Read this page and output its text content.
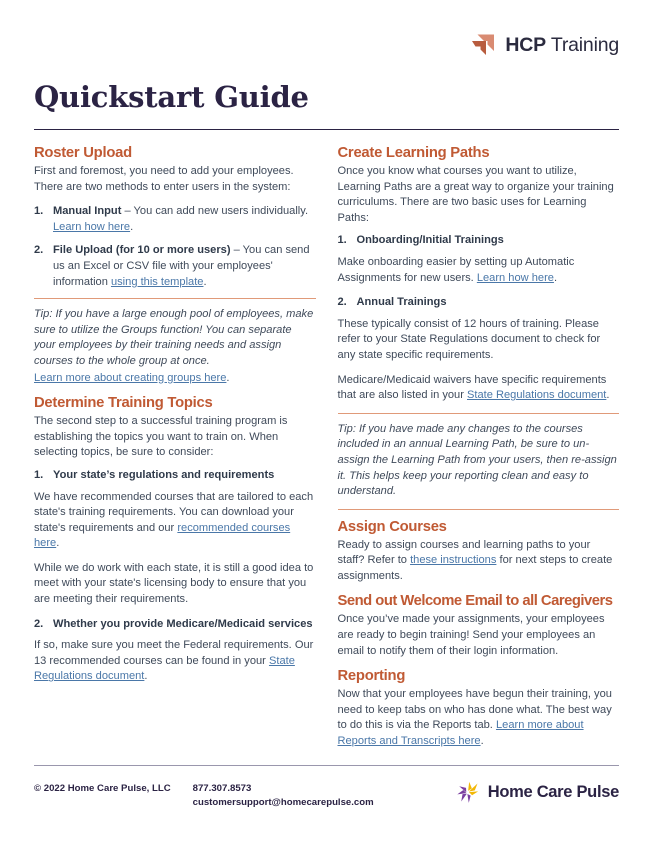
HCP Training
Quickstart Guide
Roster Upload

First and foremost, you need to add your employees. There are two methods to enter users in the system:

1. Manual Input – You can add new users individually. Learn how here.
2. File Upload (for 10 or more users) – You can send us an Excel or CSV file with your employees' information using this template.

Tip: If you have a large enough pool of employees, make sure to utilize the Groups function! You can separate your employees by their training needs and assign courses to the whole group at once.

Learn more about creating groups here.

Determine Training Topics

The second step to a successful training program is establishing the topics you want to train on. When selecting topics, be sure to consider:

1. Your state’s regulations and requirements

We have recommended courses that are tailored to each state's training requirements. You can download your state's requirements and our recommended courses here.

While we do work with each state, it is still a good idea to meet with your state's licensing body to ensure that you are meeting their requirements.

2. Whether you provide Medicare/Medicaid services

If so, make sure you meet the Federal requirements. Our 13 recommended courses can be found in your State Regulations document.

Create Learning Paths

Once you know what courses you want to utilize, Learning Paths are a great way to organize your training curriculums. There are two basic uses for Learning Paths:

1. Onboarding/Initial Trainings

Make onboarding easier by setting up Automatic Assignments for new users. Learn how here.

2. Annual Trainings

These typically consist of 12 hours of training. Please refer to your State Regulations document to check for any state specific requirements.

Medicare/Medicaid waivers have specific requirements that are also listed in your State Regulations document.

Tip: If you have made any changes to the courses included in an annual Learning Path, be sure to un-assign the Learning Path from your users, then re-assign it. This helps keep your reporting clean and easy to understand.

Assign Courses

Ready to assign courses and learning paths to your staff? Refer to these instructions for next steps to create assignments.

Send out Welcome Email to all Caregivers

Once you’ve made your assignments, your employees are ready to begin training! Send your employees an email to notify them of their login information.

Reporting

Now that your employees have begun their training, you need to keep tabs on who has done what. The best way to do this is via the Reports tab. Learn more about Reports and Transcripts here.

© 2022 Home Care Pulse, LLC 877.307.8573
customersupport@homecarepulse.com
Home Care Pulse
